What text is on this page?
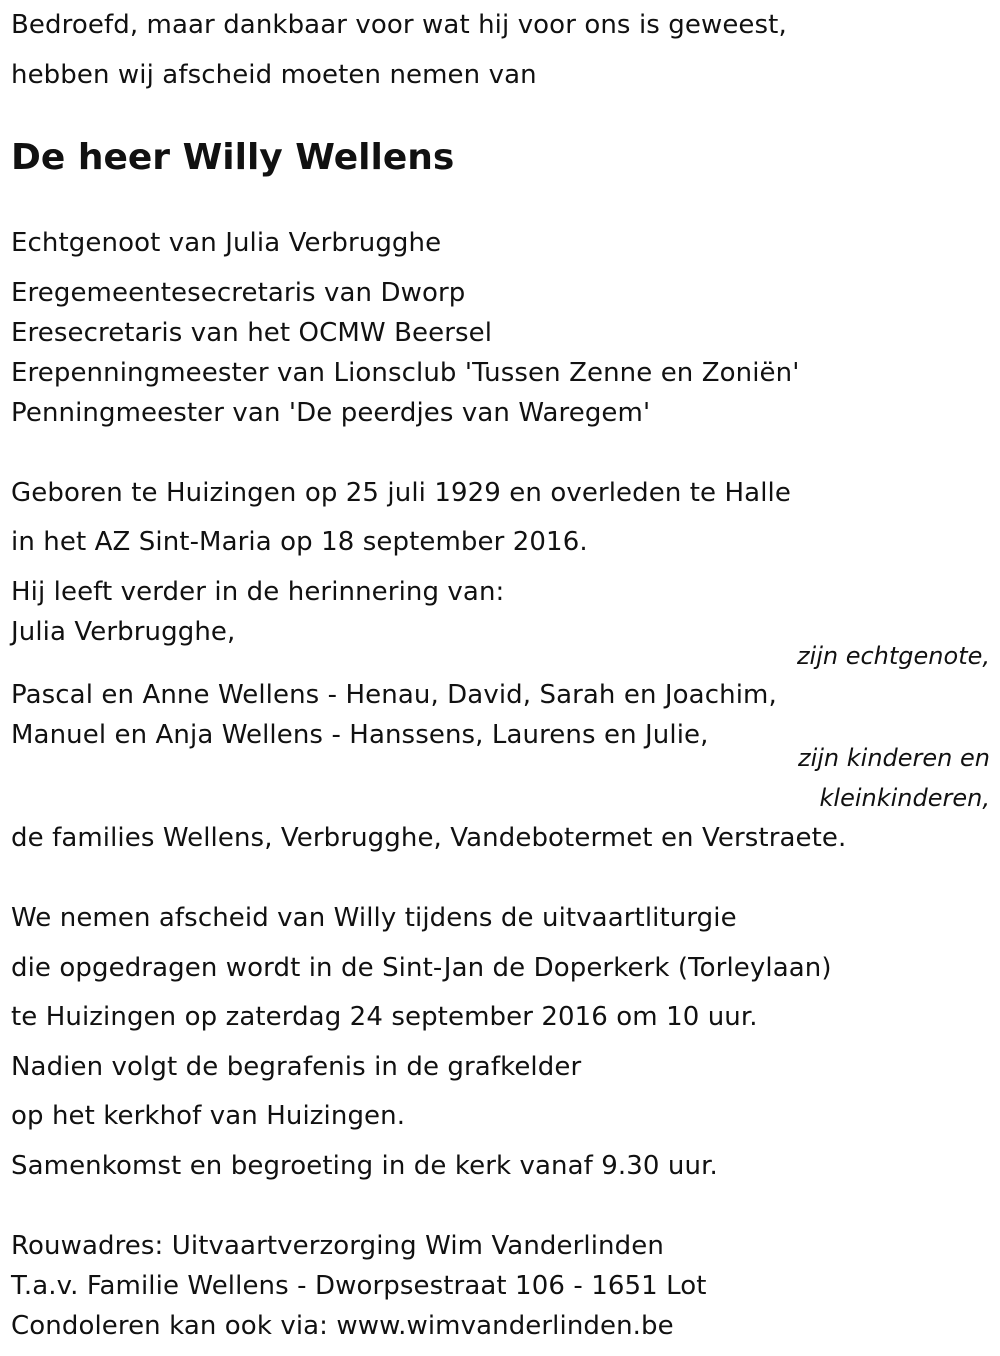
Bedroefd, maar dankbaar voor wat hij voor ons is geweest,
hebben wij afscheid moeten nemen van
De heer Willy Wellens
Echtgenoot van Julia Verbrugghe
Eregemeentesecretaris van Dworp
Eresecretaris van het OCMW Beersel
Erepenningmeester van Lionsclub 'Tussen Zenne en Zoniën'
Penningmeester van 'De peerdjes van Waregem'
Geboren te Huizingen op 25 juli 1929 en overleden te Halle
in het AZ Sint-Maria op 18 september 2016.
Hij leeft verder in de herinnering van:
Julia Verbrugghe,
zijn echtgenote,
Pascal en Anne Wellens - Henau, David, Sarah en Joachim,
Manuel en Anja Wellens - Hanssens, Laurens en Julie,
zijn kinderen en
kleinkinderen,
de families Wellens, Verbrugghe, Vandebotermet en Verstraete.
We nemen afscheid van Willy tijdens de uitvaartliturgie
die opgedragen wordt in de Sint-Jan de Doperkerk (Torleylaan)
te Huizingen op zaterdag 24 september 2016 om 10 uur.
Nadien volgt de begrafenis in de grafkelder
op het kerkhof van Huizingen.
Samenkomst en begroeting in de kerk vanaf 9.30 uur.
Rouwadres: Uitvaartverzorging Wim Vanderlinden
T.a.v. Familie Wellens - Dworpsestraat 106 - 1651 Lot
Condoleren kan ook via: www.wimvanderlinden.be
